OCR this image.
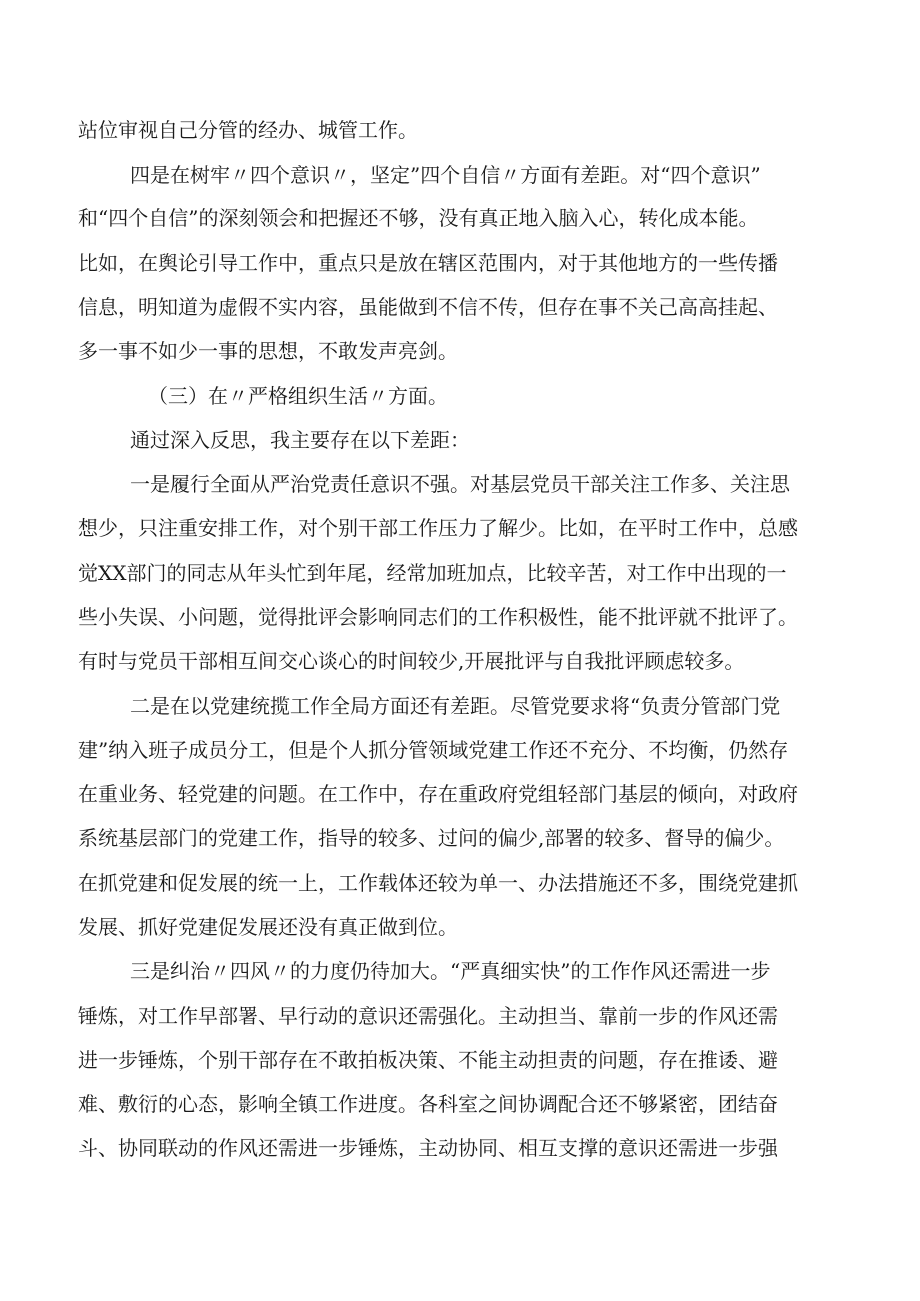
站位审视自己分管的经办、城管工作。

四是在树牢〃四个意识〃，坚定”四个自信〃方面有差距。对“四个意识”

和“四个自信”的深刻领会和把握还不够，没有真正地入脑入心，转化成本能。

比如，在舆论引导工作中，重点只是放在辖区范围内，对于其他地方的一些传播

信息，明知道为虚假不实内容，虽能做到不信不传，但存在事不关己高高挂起、

多一事不如少一事的思想，不敢发声亮剑。

（三）在〃严格组织生活〃方面。

通过深入反思，我主要存在以下差距：

一是履行全面从严治党责任意识不强。对基层党员干部关注工作多、关注思

想少，只注重安排工作，对个别干部工作压力了解少。比如，在平时工作中，总感

觉XX部门的同志从年头忙到年尾，经常加班加点，比较辛苦，对工作中出现的一

些小失误、小问题，觉得批评会影响同志们的工作积极性，能不批评就不批评了。

有时与党员干部相互间交心谈心的时间较少,开展批评与自我批评顾虑较多。

二是在以党建统揽工作全局方面还有差距。尽管党要求将“负责分管部门党

建”纳入班子成员分工，但是个人抓分管领域党建工作还不充分、不均衡，仍然存

在重业务、轻党建的问题。在工作中，存在重政府党组轻部门基层的倾向，对政府

系统基层部门的党建工作，指导的较多、过问的偏少,部署的较多、督导的偏少。

在抓党建和促发展的统一上，工作载体还较为单一、办法措施还不多，围绕党建抓

发展、抓好党建促发展还没有真正做到位。

三是纠治〃四风〃的力度仍待加大。“严真细实快”的工作作风还需进一步

锤炼，对工作早部署、早行动的意识还需强化。主动担当、靠前一步的作风还需

进一步锤炼，个别干部存在不敢拍板决策、不能主动担责的问题，存在推诿、避

难、敷衍的心态，影响全镇工作进度。各科室之间协调配合还不够紧密，团结奋

斗、协同联动的作风还需进一步锤炼，主动协同、相互支撑的意识还需进一步强
